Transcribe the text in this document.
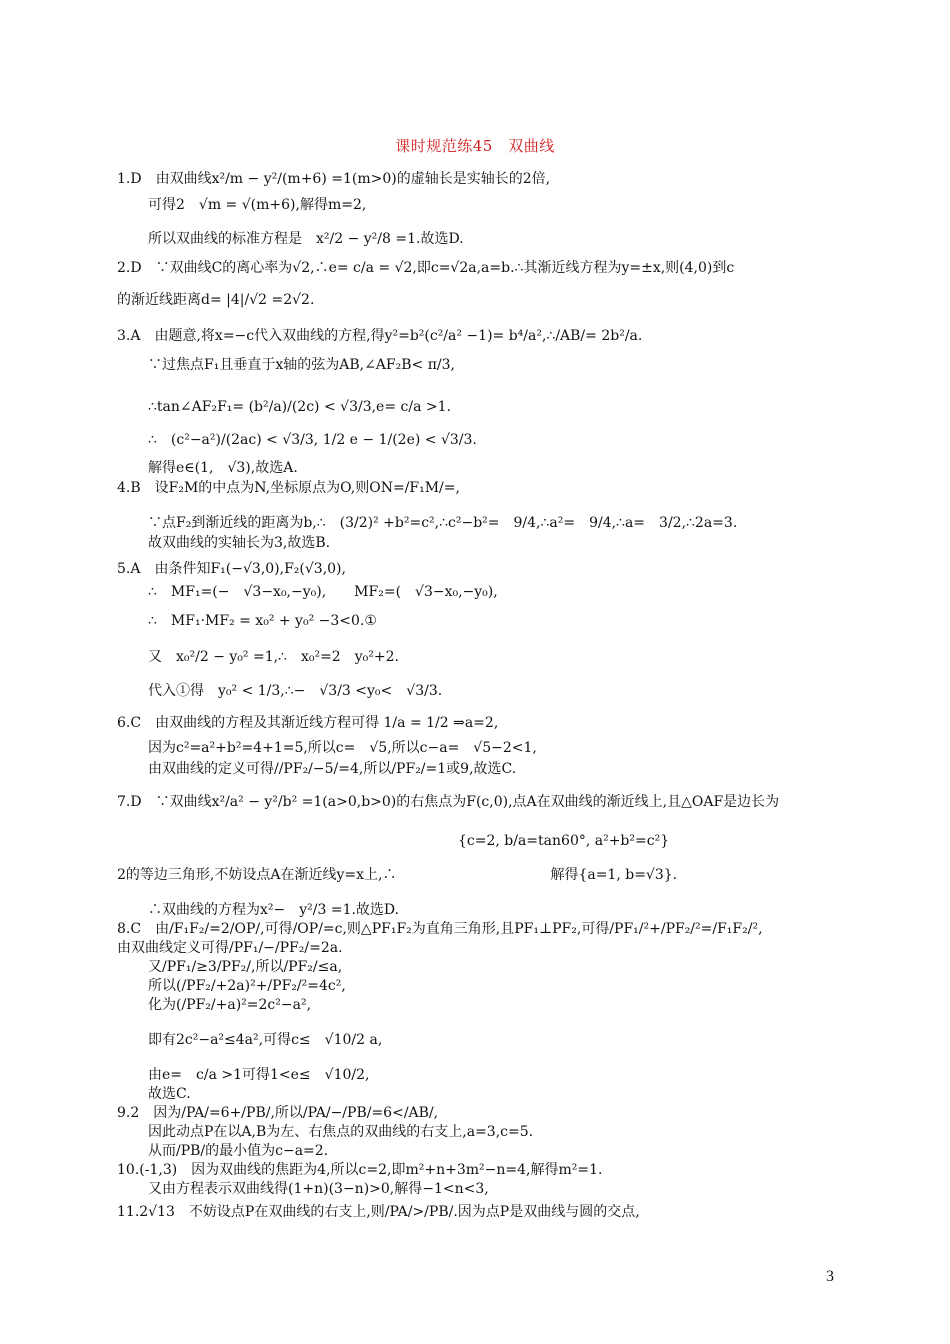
课时规范练45　双曲线
1.D　由双曲线x²/m − y²/(m+6) =1(m>0)的虚轴长是实轴长的2倍,
可得2　√m = √(m+6),解得m=2,
所以双曲线的标准方程是　x²/2 − y²/8 =1.故选D.
2.D　∵双曲线C的离心率为√2,∴e= c/a = √2,即c=√2a,a=b.∴其渐近线方程为y=±x,则(4,0)到c
的渐近线距离d= |4|/√2 =2√2.
3.A　由题意,将x=−c代入双曲线的方程,得y²=b²(c²/a² −1)= b⁴/a²,∴/AB/= 2b²/a.
∵过焦点F₁且垂直于x轴的弦为AB,∠AF₂B< π/3,
∴tan∠AF₂F₁= (b²/a)/(2c) < √3/3,e= c/a >1.
∴　(c²−a²)/(2ac) < √3/3, 1/2 e − 1/(2e) < √3/3.
解得e∈(1,　√3),故选A.
4.B　设F₂M的中点为N,坐标原点为O,则ON=/F₁M/=,
∵点F₂到渐近线的距离为b,∴　(3/2)² +b²=c²,∴c²−b²=　9/4,∴a²=　9/4,∴a=　3/2,∴2a=3.
故双曲线的实轴长为3,故选B.
5.A　由条件知F₁(−√3,0),F₂(√3,0),
∴　MF₁=(−　√3−x₀,−y₀),　　MF₂=(　√3−x₀,−y₀),
∴　MF₁·MF₂ = x₀² + y₀² −3<0.①
又　x₀²/2 − y₀² =1,∴　x₀²=2　y₀²+2.
代入①得　y₀² < 1/3,∴−　√3/3 <y₀<　√3/3.
6.C　由双曲线的方程及其渐近线方程可得 1/a = 1/2 ⇒a=2,
因为c²=a²+b²=4+1=5,所以c=　√5,所以c−a=　√5−2<1,
由双曲线的定义可得//PF₂/−5/=4,所以/PF₂/=1或9,故选C.
7.D　∵双曲线x²/a² − y²/b² =1(a>0,b>0)的右焦点为F(c,0),点A在双曲线的渐近线上,且△OAF是边长为
{c=2, b/a=tan60°, a²+b²=c²}
2的等边三角形,不妨设点A在渐近线y=x上,∴　　　　　　　　　　　解得{a=1, b=√3}.
∴双曲线的方程为x²−　y²/3 =1.故选D.
8.C　由/F₁F₂/=2/OP/,可得/OP/=c,则△PF₁F₂为直角三角形,且PF₁⊥PF₂,可得/PF₁/²+/PF₂/²=/F₁F₂/²,
由双曲线定义可得/PF₁/−/PF₂/=2a.
又/PF₁/≥3/PF₂/,所以/PF₂/≤a,
所以(/PF₂/+2a)²+/PF₂/²=4c²,
化为(/PF₂/+a)²=2c²−a²,
即有2c²−a²≤4a²,可得c≤　√10/2 a,
由e=　c/a >1可得1<e≤　√10/2,
故选C.
9.2　因为/PA/=6+/PB/,所以/PA/−/PB/=6</AB/,
因此动点P在以A,B为左、右焦点的双曲线的右支上,a=3,c=5.
从而/PB/的最小值为c−a=2.
10.(-1,3)　因为双曲线的焦距为4,所以c=2,即m²+n+3m²−n=4,解得m²=1.
又由方程表示双曲线得(1+n)(3−n)>0,解得−1<n<3,
11.2√13　不妨设点P在双曲线的右支上,则/PA/>/PB/.因为点P是双曲线与圆的交点,
3
